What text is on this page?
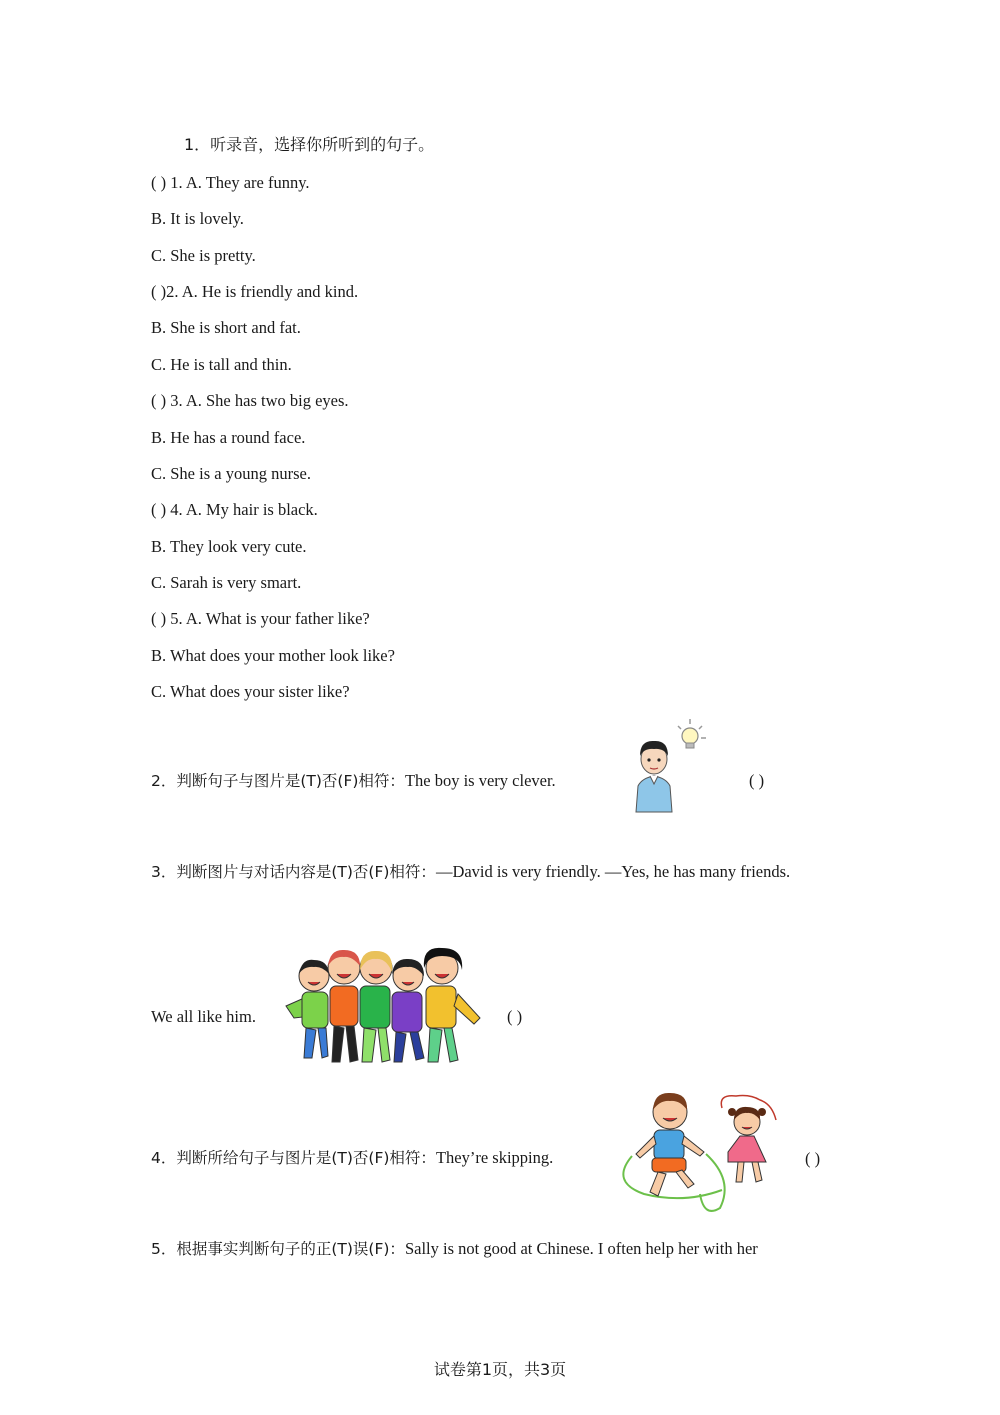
1．听录音，选择你所听到的句子。
( ) 1. A. They are funny.
B. It is lovely.
C. She is pretty.
( )2. A. He is friendly and kind.
B. She is short and fat.
C. He is tall and thin.
( ) 3. A. She has two big eyes.
B. He has a round face.
C. She is a young nurse.
( ) 4. A. My hair is black.
B. They look very cute.
C. Sarah is very smart.
( ) 5. A. What is your father like?
B. What does your mother look like?
C. What does your sister like?
2．判断句子与图片是(T)否(F)相符：The boy is very clever.	( )
3．判断图片与对话内容是(T)否(F)相符：—David is very friendly. —Yes, he has many friends.
We all like him.	( )
4．判断所给句子与图片是(T)否(F)相符：They’re skipping.	( )
5．根据事实判断句子的正(T)误(F)：Sally is not good at Chinese. I often help her with her
试卷第1页，共3页
